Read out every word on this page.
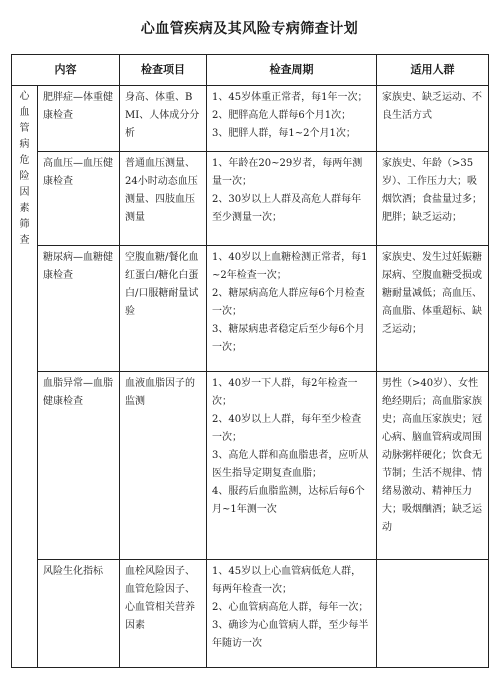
心血管疾病及其风险专病筛查计划
内容		检查项目	检查周期	适用人群
心血管病危险因素筛查	肥胖症—体重健康检查	身高、体重、BMI、人体成分分析	1、45岁体重正常者，每1年一次；
2、肥胖高危人群每6个月1次；
3、肥胖人群，每1~2个月1次；	家族史、缺乏运动、不良生活方式
	高血压—血压健康检查	普通血压测量、24小时动态血压测量、四肢血压测量	1、年龄在20~29岁者，每两年测量一次；
2、30岁以上人群及高危人群每年至少测量一次；	家族史、年龄（>35岁）、工作压力大；吸烟饮酒；食盐量过多；肥胖；缺乏运动；
	糖尿病—血糖健康检查	空腹血糖/餐化血红蛋白/糖化白蛋白/口服糖耐量试验	1、40岁以上血糖检测正常者，每1~2年检查一次；
2、糖尿病高危人群应每6个月检查一次；
3、糖尿病患者稳定后至少每6个月一次；	家族史、发生过妊娠糖尿病、空腹血糖受损或糖耐量减低；高血压、高血脂、体重超标、缺乏运动；
	血脂异常—血脂健康检查	血液血脂因子的监测	1、40岁一下人群，每2年检查一次；
2、40岁以上人群，每年至少检查一次；
3、高危人群和高血脂患者，应听从医生指导定期复查血脂；
4、服药后血脂监测，达标后每6个月~1年测一次	男性（>40岁）、女性绝经期后；高血脂家族史；高血压家族史；冠心病、脑血管病或周围动脉粥样硬化；饮食无节制；生活不规律、情绪易激动、精神压力大；吸烟酗酒；缺乏运动
	风险生化指标	血栓风险因子、血管危险因子、心血管相关营养因素	1、45岁以上心血管病低危人群，每两年检查一次；
2、心血管病高危人群，每年一次；
3、确诊为心血管病人群，至少每半年随访一次	
